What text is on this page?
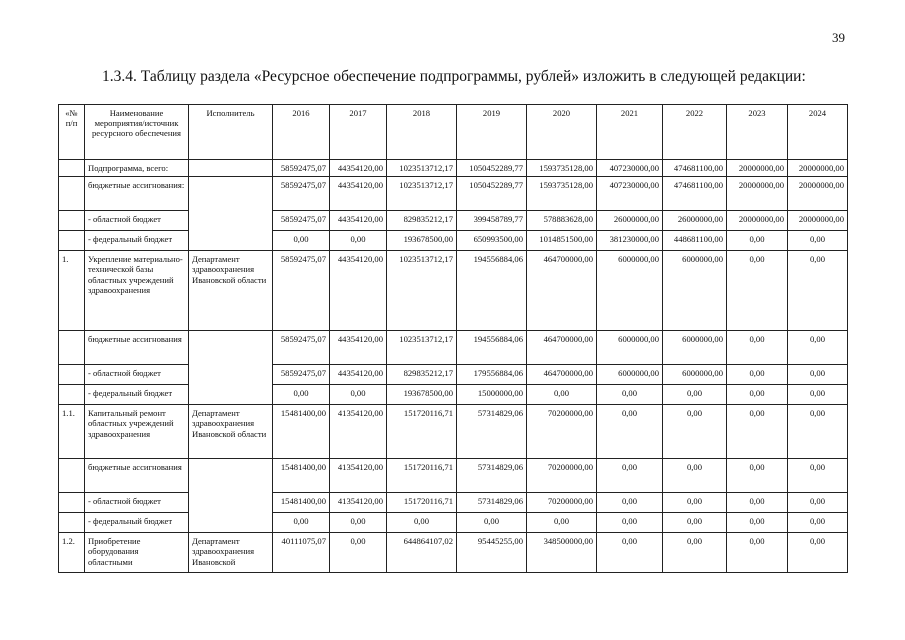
39
1.3.4. Таблицу раздела «Ресурсное обеспечение подпрограммы, рублей» изложить в следующей редакции:
«№ п/п	Наименование мероприятия/источник ресурсного обеспечения	Исполнитель	2016	2017	2018	2019	2020	2021	2022	2023	2024
	Подпрограмма, всего:		58592475,07	44354120,00	1023513712,17	1050452289,77	1593735128,00	407230000,00	474681100,00	20000000,00	20000000,00
	бюджетные ассигнования:		58592475,07	44354120,00	1023513712,17	1050452289,77	1593735128,00	407230000,00	474681100,00	20000000,00	20000000,00
	- областной бюджет		58592475,07	44354120,00	829835212,17	399458789,77	578883628,00	26000000,00	26000000,00	20000000,00	20000000,00
	- федеральный бюджет		0,00	0,00	193678500,00	650993500,00	1014851500,00	381230000,00	448681100,00	0,00	0,00
1.	Укрепление материально-технической базы областных учреждений здравоохранения	Департамент здравоохранения Ивановской области	58592475,07	44354120,00	1023513712,17	194556884,06	464700000,00	6000000,00	6000000,00	0,00	0,00
	бюджетные ассигнования		58592475,07	44354120,00	1023513712,17	194556884,06	464700000,00	6000000,00	6000000,00	0,00	0,00
	- областной бюджет		58592475,07	44354120,00	829835212,17	179556884,06	464700000,00	6000000,00	6000000,00	0,00	0,00
	- федеральный бюджет		0,00	0,00	193678500,00	15000000,00	0,00	0,00	0,00	0,00	0,00
1.1.	Капитальный ремонт областных учреждений здравоохранения	Департамент здравоохранения Ивановской области	15481400,00	41354120,00	151720116,71	57314829,06	70200000,00	0,00	0,00	0,00	0,00
	бюджетные ассигнования		15481400,00	41354120,00	151720116,71	57314829,06	70200000,00	0,00	0,00	0,00	0,00
	- областной бюджет		15481400,00	41354120,00	151720116,71	57314829,06	70200000,00	0,00	0,00	0,00	0,00
	- федеральный бюджет		0,00	0,00	0,00	0,00	0,00	0,00	0,00	0,00	0,00
1.2.	Приобретение оборудования областными	Департамент здравоохранения Ивановской	40111075,07	0,00	644864107,02	95445255,00	348500000,00	0,00	0,00	0,00	0,00
